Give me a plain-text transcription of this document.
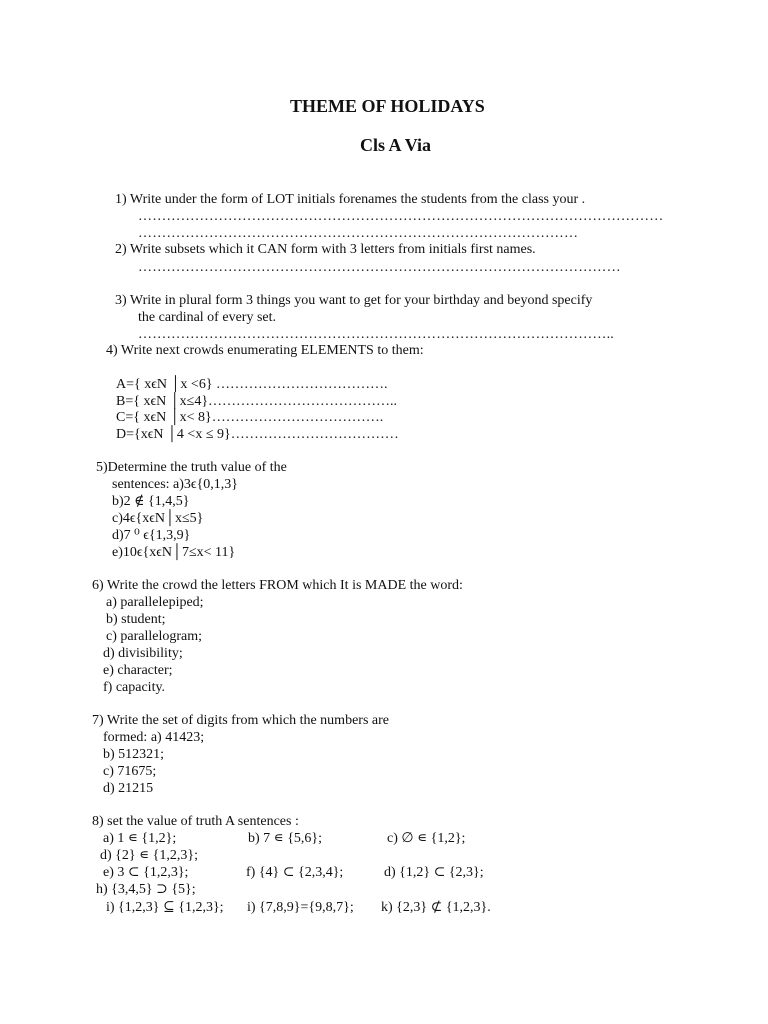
THEME OF HOLIDAYS
Cls A Via
1) Write under the form of LOT initials forenames the students from the class your .
…………………………………………………………………………………………………
…………………………………………………………………………………
2) Write subsets which it CAN form with 3 letters from initials first names.
…………………………………………………………………………………………
3) Write in plural form 3 things you want to get for your birthday and beyond specify
the cardinal of every set.
………………………………………………………………………………………..
4) Write next crowds enumerating ELEMENTS to them:
A={ xϵN │x <6} ……………………………….
B={ xϵN │x≤4}…………………………………..
C={ xϵN │x< 8}……………………………….
D={xϵN │4 <x ≤ 9}………………………………
5)Determine the truth value of the
sentences: a)3ϵ{0,1,3}
b)2 ∉ {1,4,5}
c)4ϵ{xϵN│x≤5}
d)7 ⁰ ϵ{1,3,9}
e)10ϵ{xϵN│7≤x< 11}
6) Write the crowd the letters FROM which It is MADE the word:
a) parallelepiped;
b) student;
c) parallelogram;
d) divisibility;
e) character;
f) capacity.
7) Write the set of digits from which the numbers are
formed: a) 41423;
b) 512321;
c) 71675;
d) 21215
8) set the value of truth A sentences :
a) 1 ∊ {1,2};	b) 7 ∊ {5,6};	c) ∅ ∊ {1,2};
d) {2} ∊ {1,2,3};
e) 3 ⊂ {1,2,3};	f) {4} ⊂ {2,3,4};	d) {1,2} ⊂ {2,3};
h) {3,4,5} ⊃ {5};
i) {1,2,3} ⊆ {1,2,3}; i) {7,8,9}={9,8,7}; k) {2,3} ⊄ {1,2,3}.
